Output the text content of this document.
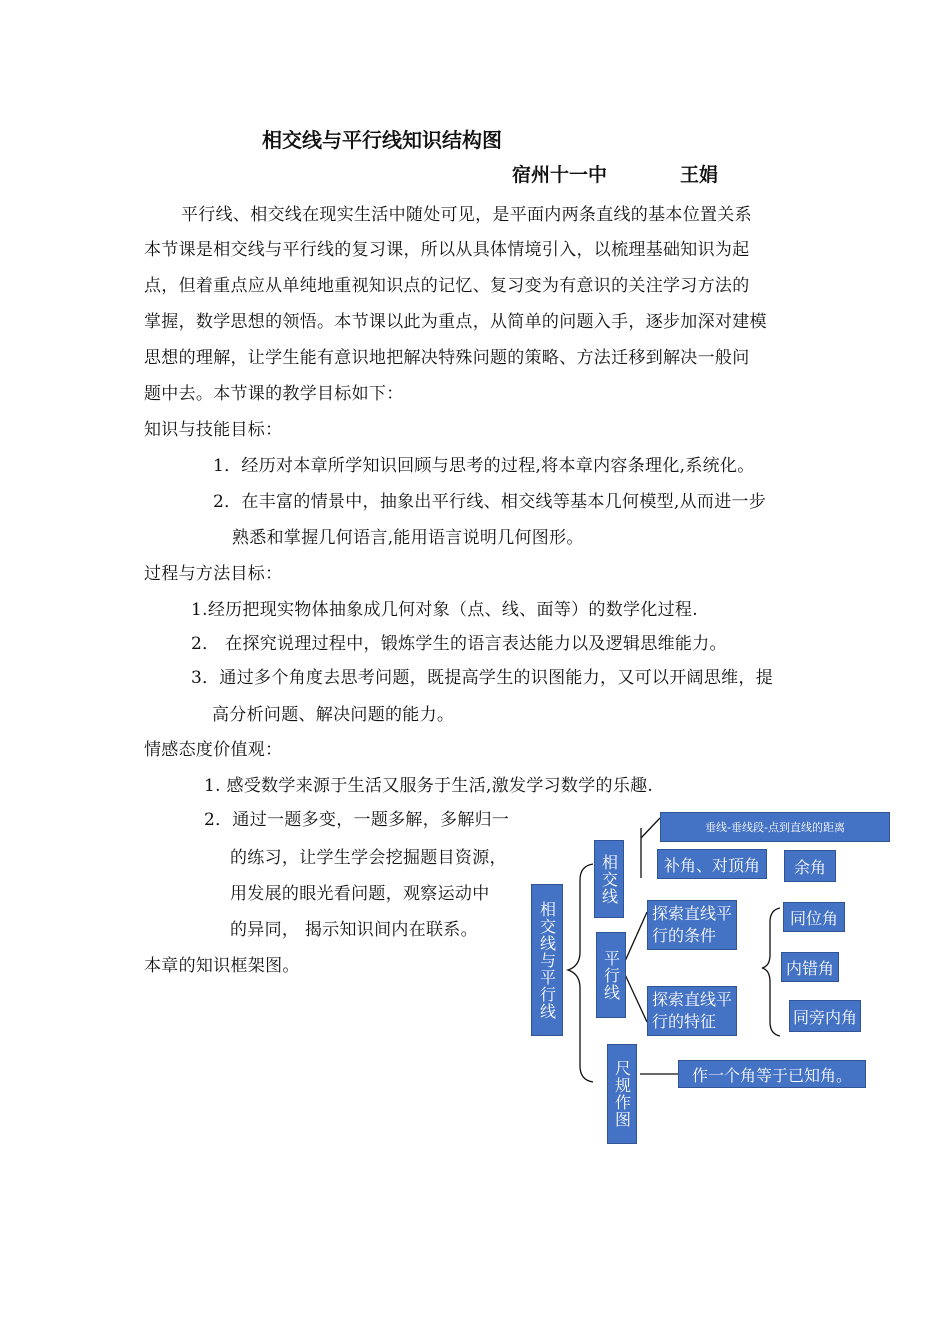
相交线与平行线知识结构图
宿州十一中	王娟
平行线、相交线在现实生活中随处可见，是平面内两条直线的基本位置关系
本节课是相交线与平行线的复习课，所以从具体情境引入，以梳理基础知识为起
点，但着重点应从单纯地重视知识点的记忆、复习变为有意识的关注学习方法的
掌握，数学思想的领悟。本节课以此为重点，从简单的问题入手，逐步加深对建模
思想的理解，让学生能有意识地把解决特殊问题的策略、方法迁移到解决一般问
题中去。本节课的教学目标如下：
知识与技能目标：
1．经历对本章所学知识回顾与思考的过程,将本章内容条理化,系统化。
2．在丰富的情景中，抽象出平行线、相交线等基本几何模型,从而进一步
熟悉和掌握几何语言,能用语言说明几何图形。
过程与方法目标：
1.经历把现实物体抽象成几何对象（点、线、面等）的数学化过程.
2． 在探究说理过程中，锻炼学生的语言表达能力以及逻辑思维能力。
3．通过多个角度去思考问题，既提高学生的识图能力，又可以开阔思维，提
高分析问题、解决问题的能力。
情感态度价值观：
1. 感受数学来源于生活又服务于生活,激发学习数学的乐趣.
2．通过一题多变，一题多解，多解归一
的练习，让学生学会挖掘题目资源，
用发展的眼光看问题，观察运动中
的异同， 揭示知识间内在联系。
本章的知识框架图。	相交线与平行线
相交线
平行线
尺规作图
垂线-垂线段-点到直线的距离
补角、对顶角	余角
探索直线平行的条件
探索直线平行的特征
同位角
内错角
同旁内角
作一个角等于已知角。
